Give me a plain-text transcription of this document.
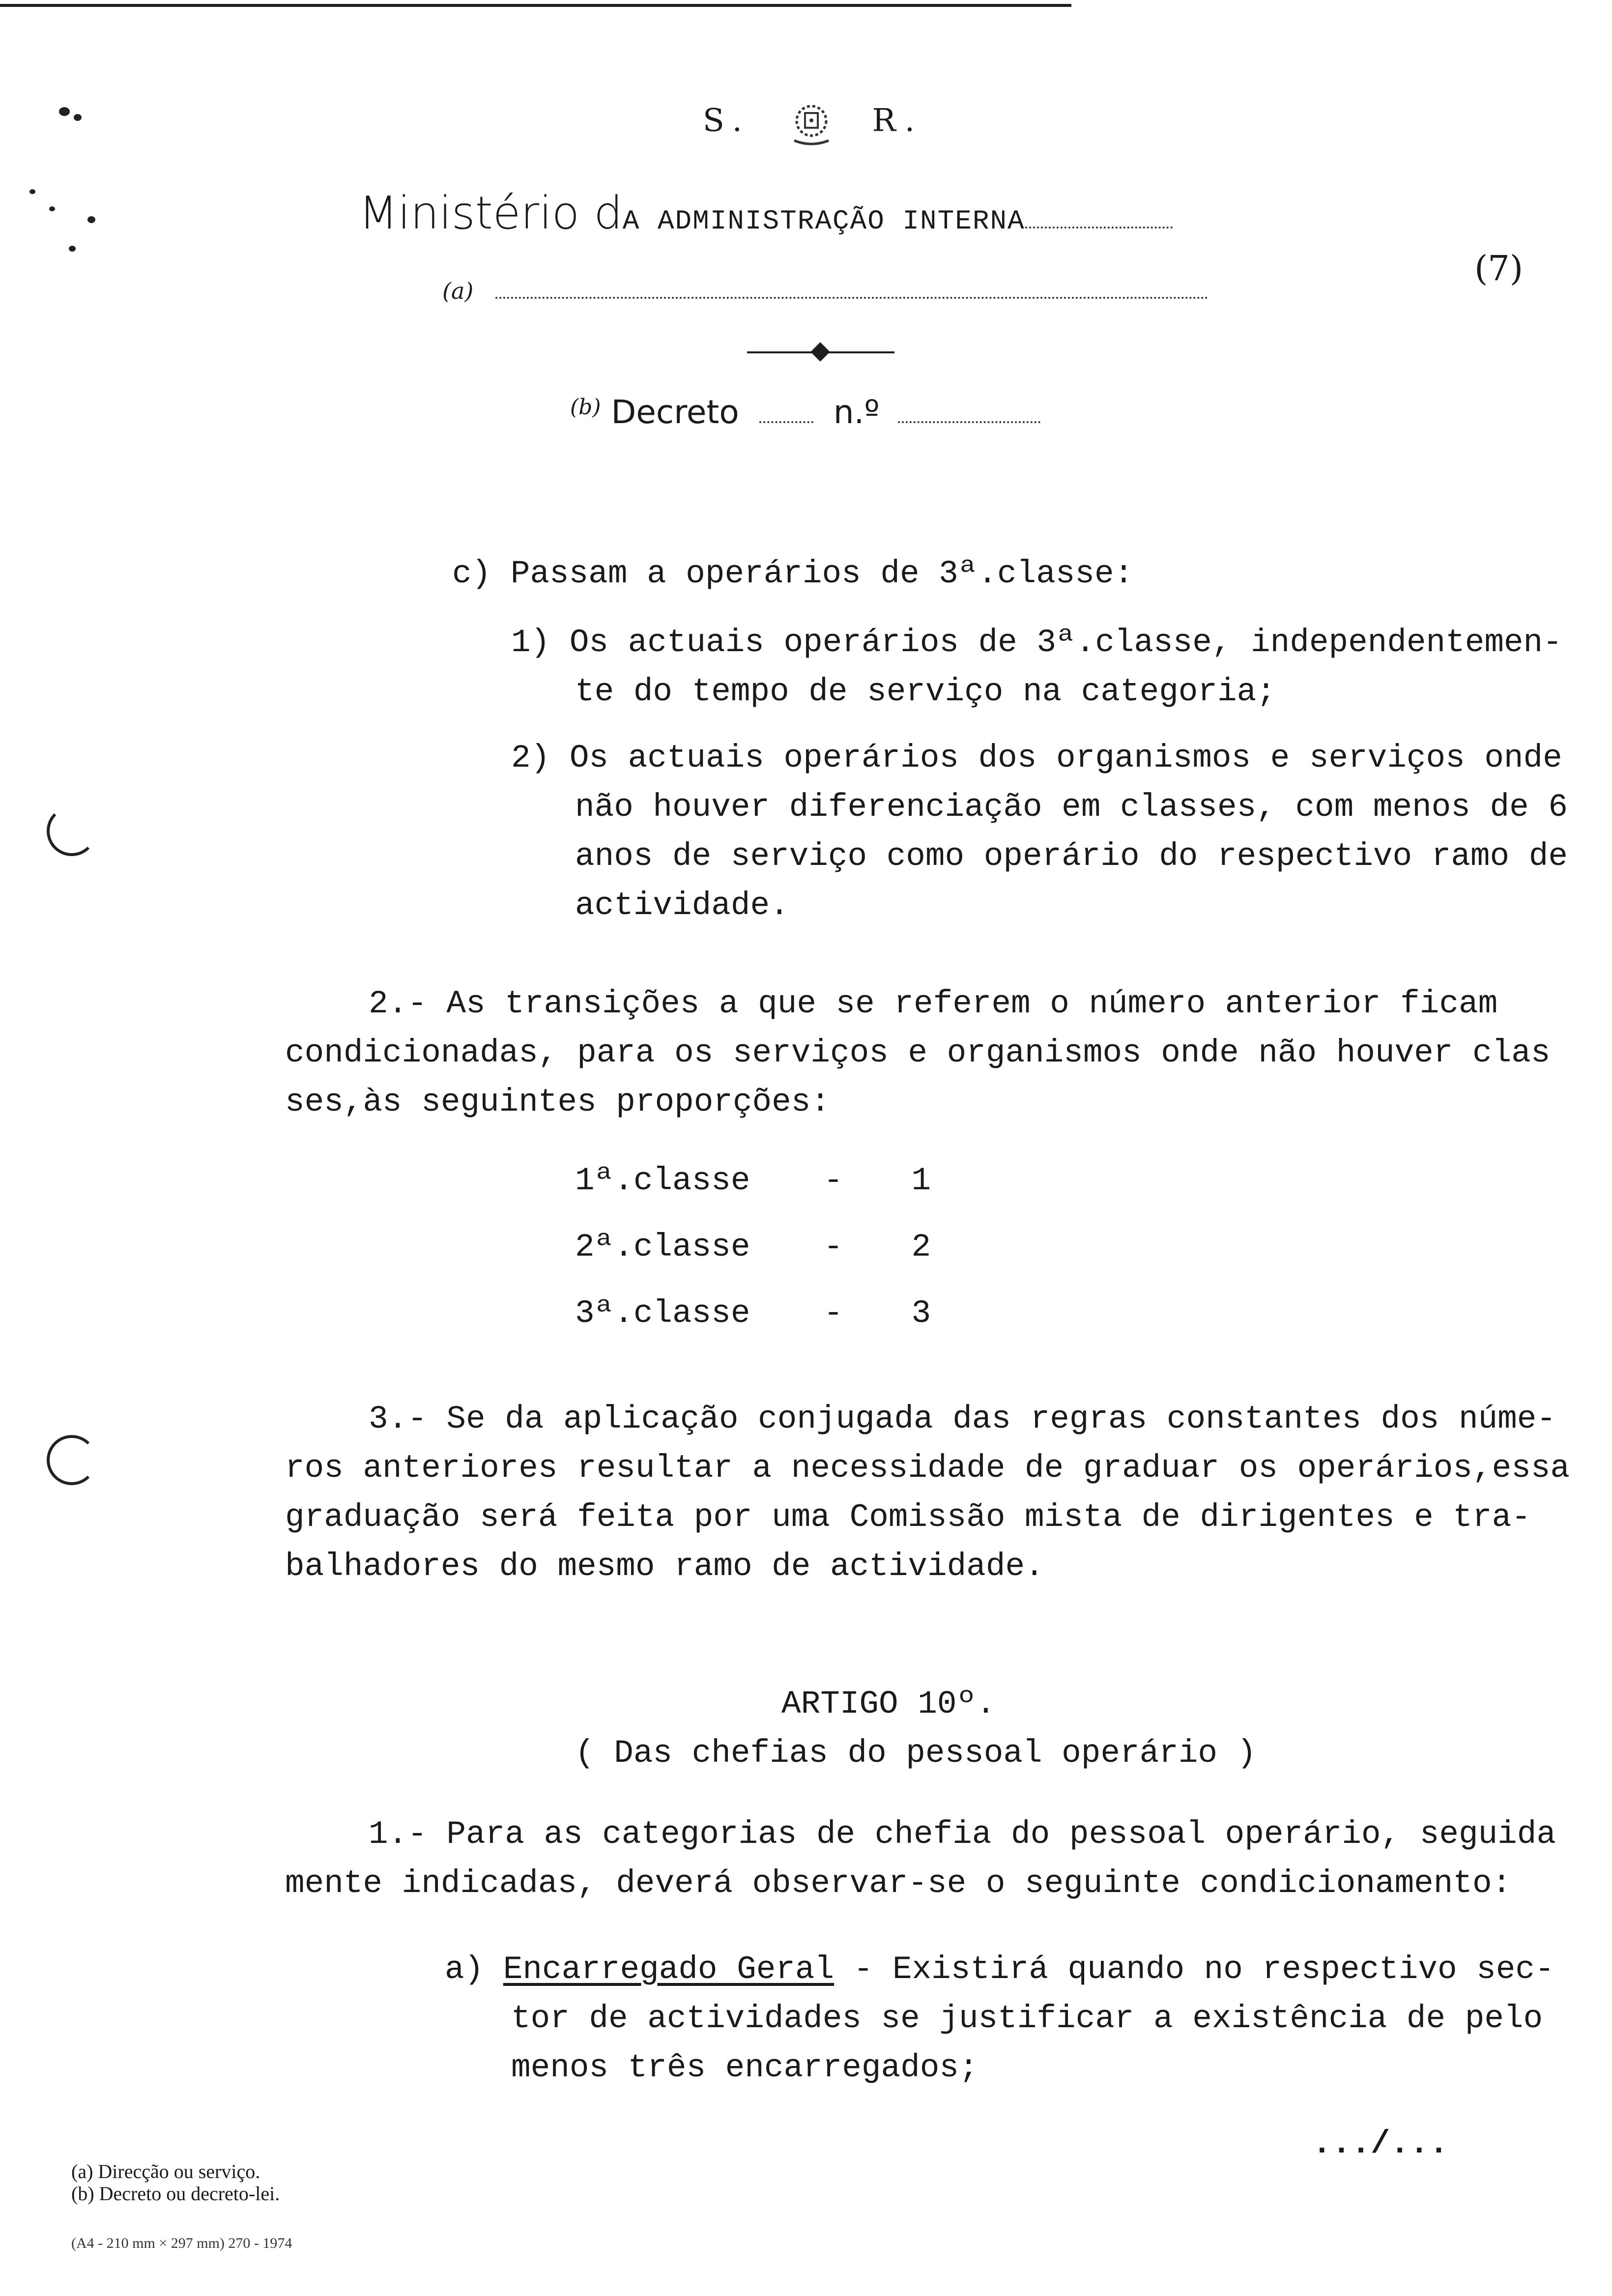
S.	R.
Ministério dA ADMINISTRAÇÃO INTERNA
(7)
(a)
$^{(b)}$ Decreto	n.º
c) Passam a operários de 3ª.classe:
1) Os actuais operários de 3ª.classe, independentemen-
te do tempo de serviço na categoria;
2) Os actuais operários dos organismos e serviços onde
não houver diferenciação em classes, com menos de 6
anos de serviço como operário do respectivo ramo de
actividade.
2.- As transições a que se referem o número anterior ficam
condicionadas, para os serviços e organismos onde não houver clas
ses,às seguintes proporções:
1ª.classe - 1
2ª.classe - 2
3ª.classe - 3
3.- Se da aplicação conjugada das regras constantes dos núme-
ros anteriores resultar a necessidade de graduar os operários,essa
graduação será feita por uma Comissão mista de dirigentes e tra-
balhadores do mesmo ramo de actividade.
ARTIGO 10º.
( Das chefias do pessoal operário )
1.- Para as categorias de chefia do pessoal operário, seguida
mente indicadas, deverá observar-se o seguinte condicionamento:
a) Encarregado Geral - Existirá quando no respectivo sec-
tor de actividades se justificar a existência de pelo
menos três encarregados;
.../...
(a) Direcção ou serviço.
(b) Decreto ou decreto-lei.
(A4 - 210 mm × 297 mm) 270 - 1974
